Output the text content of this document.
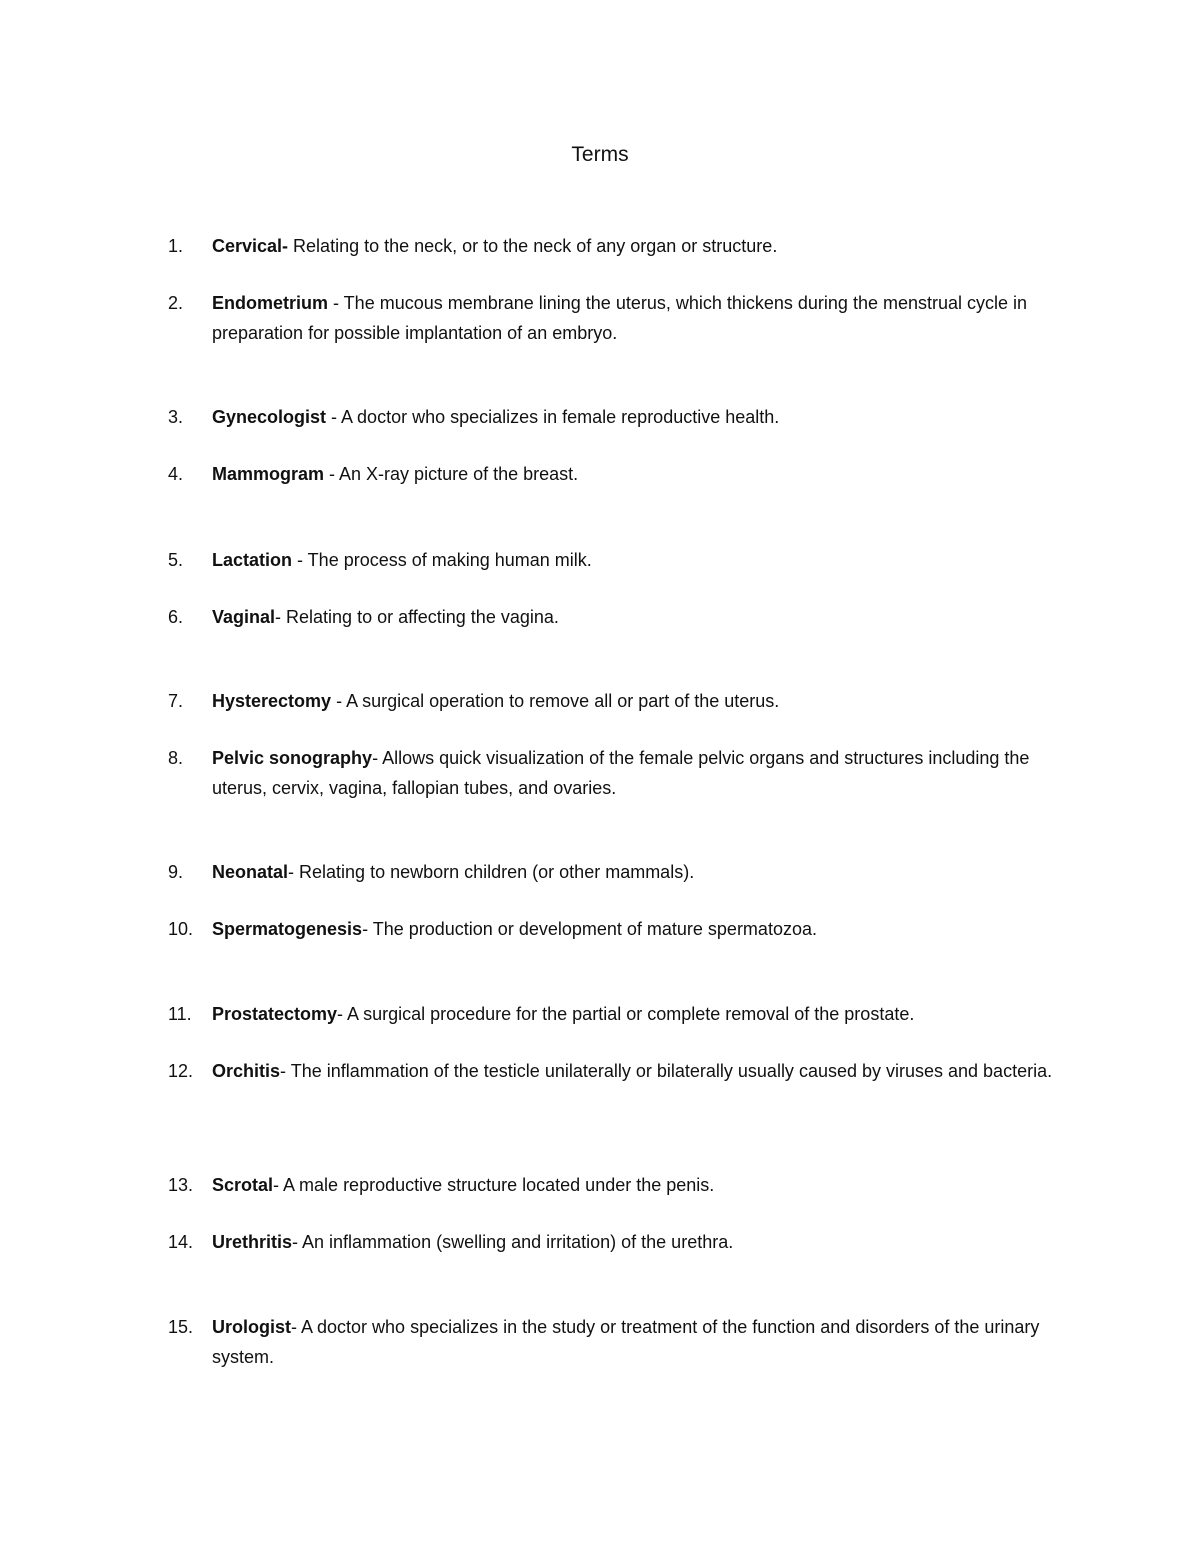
Terms
1.	Cervical- Relating to the neck, or to the neck of any organ or structure.
2.	Endometrium - The mucous membrane lining the uterus, which thickens during the menstrual cycle in preparation for possible implantation of an embryo.
3.	Gynecologist - A doctor who specializes in female reproductive health.
4.	Mammogram - An X-ray picture of the breast.
5.	Lactation - The process of making human milk.
6.	Vaginal- Relating to or affecting the vagina.
7.	Hysterectomy - A surgical operation to remove all or part of the uterus.
8.	Pelvic sonography- Allows quick visualization of the female pelvic organs and structures including the uterus, cervix, vagina, fallopian tubes, and ovaries.
9.	Neonatal- Relating to newborn children (or other mammals).
10.	Spermatogenesis- The production or development of mature spermatozoa.
11.	Prostatectomy- A surgical procedure for the partial or complete removal of the prostate.
12.	Orchitis- The inflammation of the testicle unilaterally or bilaterally usually caused by viruses and bacteria.
13.	Scrotal- A male reproductive structure located under the penis.
14.	Urethritis- An inflammation (swelling and irritation) of the urethra.
15.	Urologist- A doctor who specializes in the study or treatment of the function and disorders of the urinary system.
